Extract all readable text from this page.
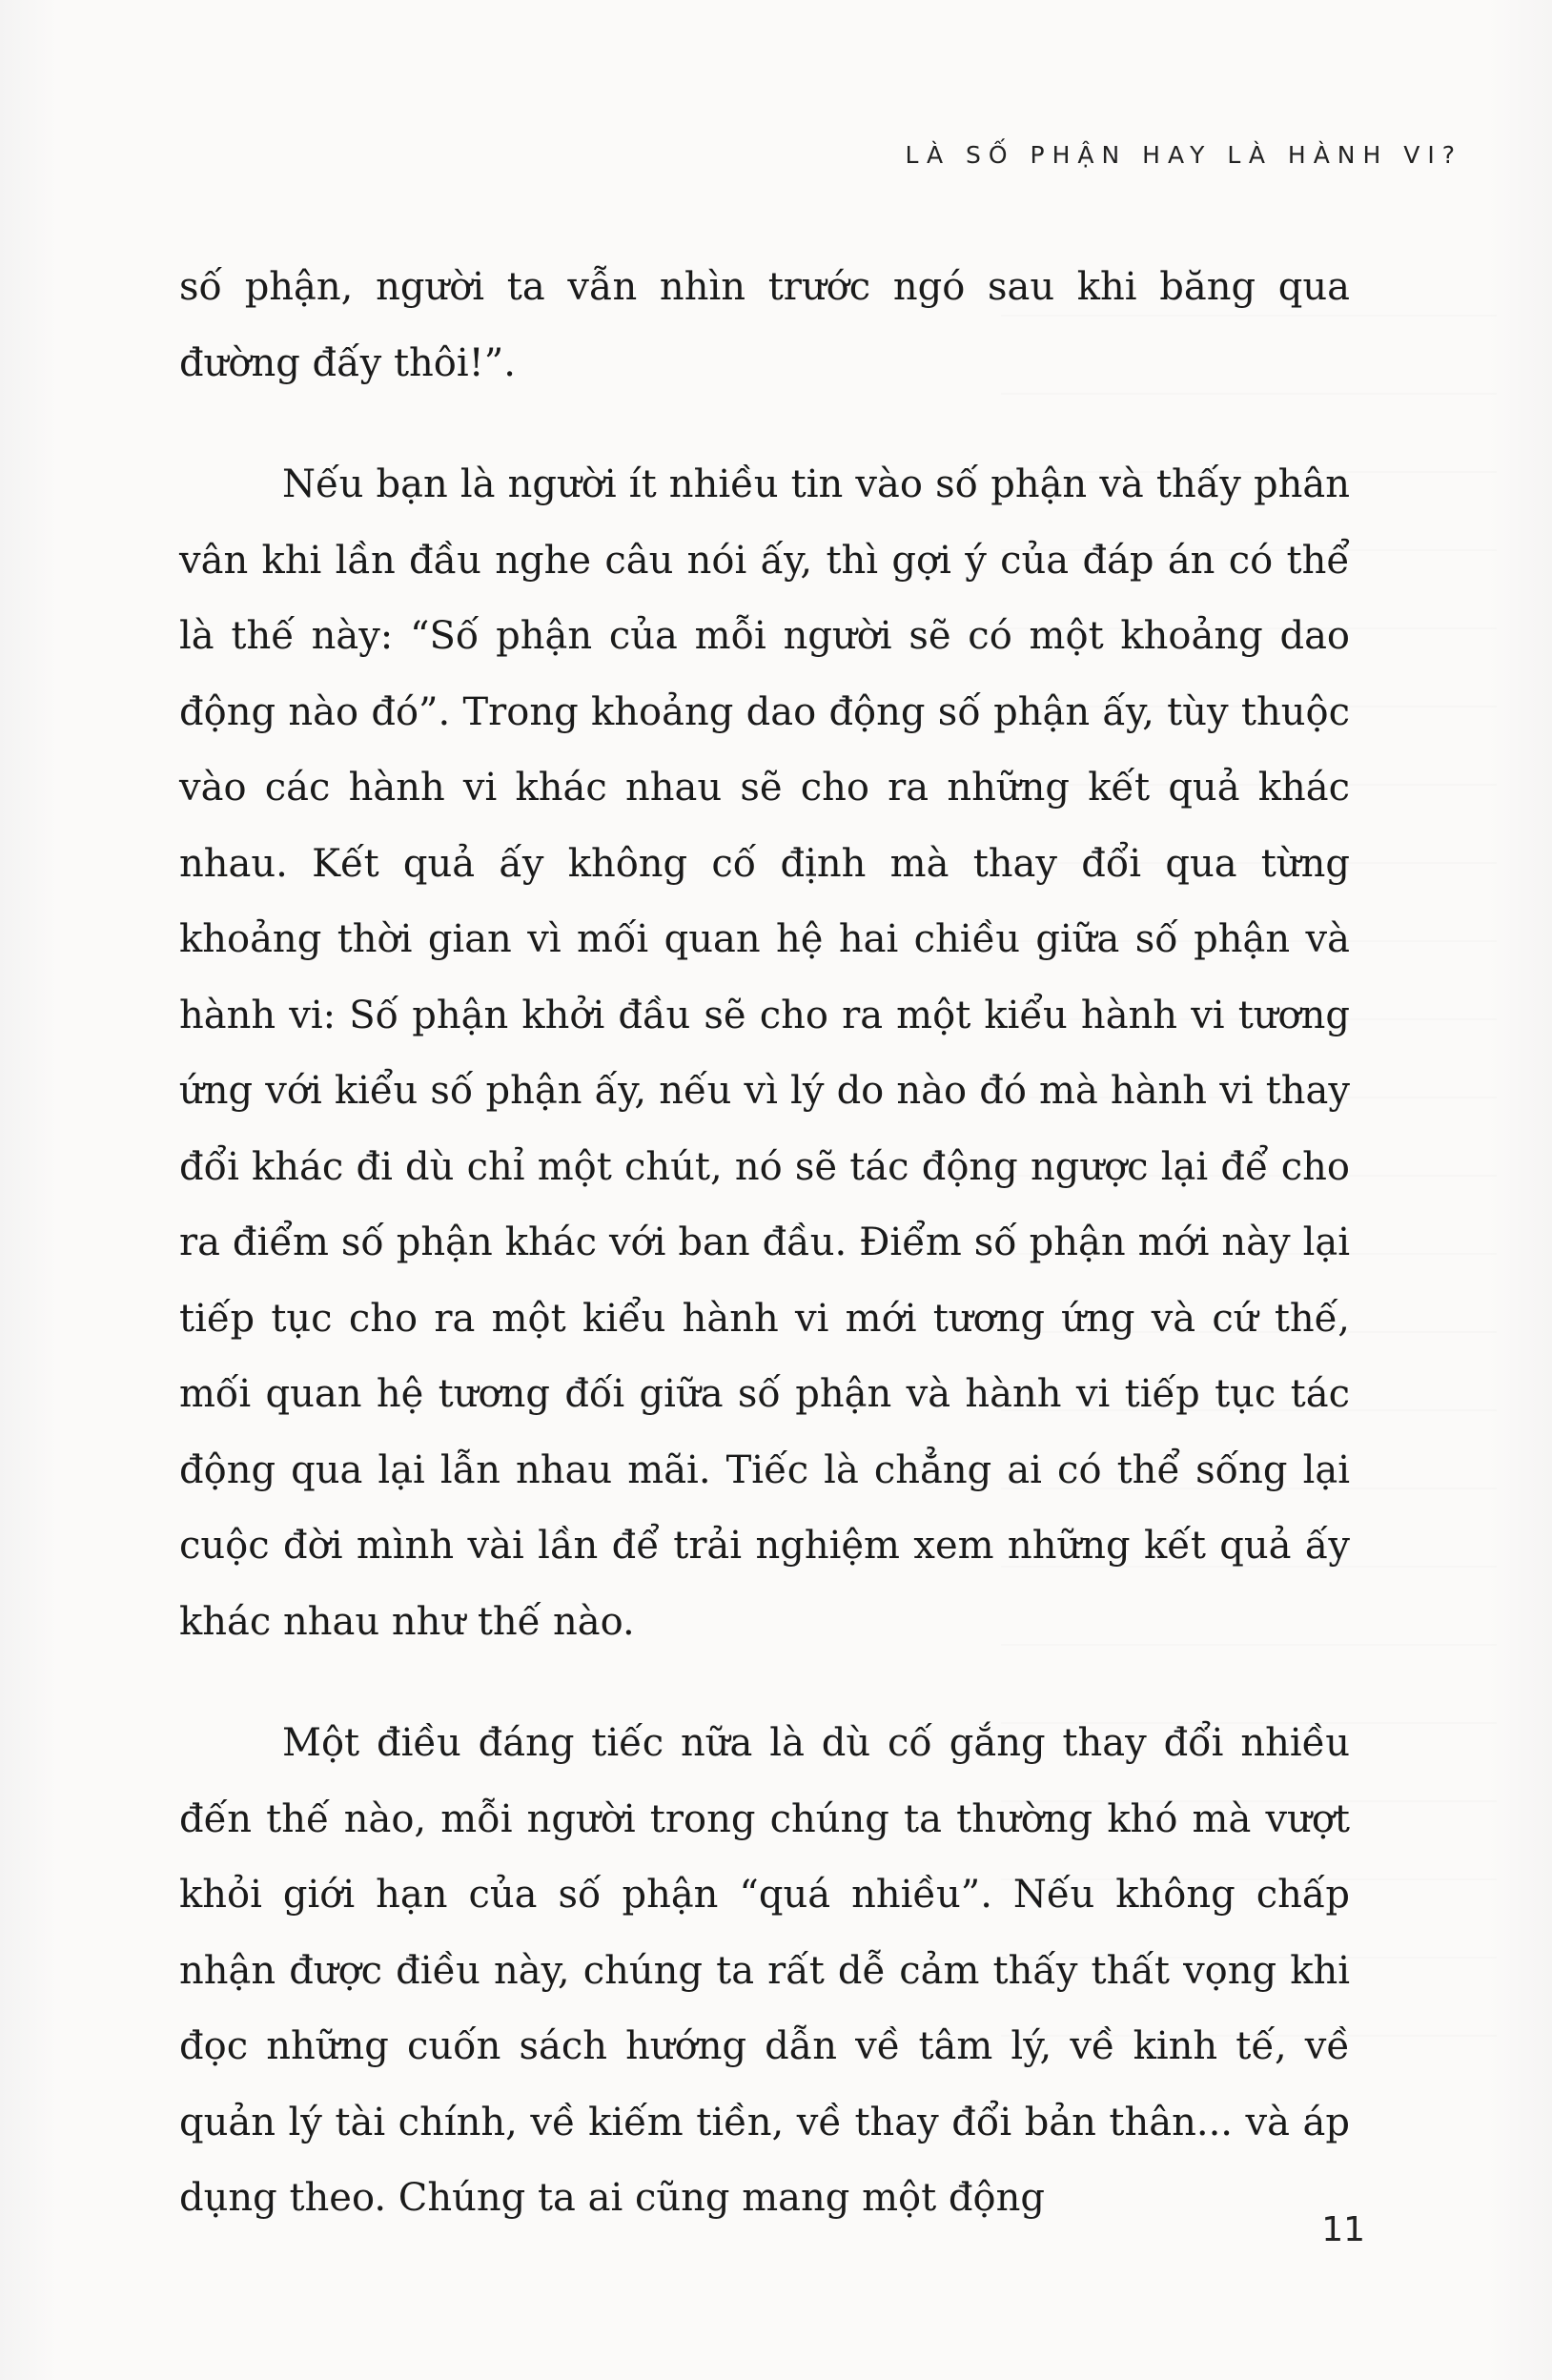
LÀ SỐ PHẬN HAY LÀ HÀNH VI?

số phận, người ta vẫn nhìn trước ngó sau khi băng qua đường đấy thôi!”.

Nếu bạn là người ít nhiều tin vào số phận và thấy phân vân khi lần đầu nghe câu nói ấy, thì gợi ý của đáp án có thể là thế này: “Số phận của mỗi người sẽ có một khoảng dao động nào đó”. Trong khoảng dao động số phận ấy, tùy thuộc vào các hành vi khác nhau sẽ cho ra những kết quả khác nhau. Kết quả ấy không cố định mà thay đổi qua từng khoảng thời gian vì mối quan hệ hai chiều giữa số phận và hành vi: Số phận khởi đầu sẽ cho ra một kiểu hành vi tương ứng với kiểu số phận ấy, nếu vì lý do nào đó mà hành vi thay đổi khác đi dù chỉ một chút, nó sẽ tác động ngược lại để cho ra điểm số phận khác với ban đầu. Điểm số phận mới này lại tiếp tục cho ra một kiểu hành vi mới tương ứng và cứ thế, mối quan hệ tương đối giữa số phận và hành vi tiếp tục tác động qua lại lẫn nhau mãi. Tiếc là chẳng ai có thể sống lại cuộc đời mình vài lần để trải nghiệm xem những kết quả ấy khác nhau như thế nào.

Một điều đáng tiếc nữa là dù cố gắng thay đổi nhiều đến thế nào, mỗi người trong chúng ta thường khó mà vượt khỏi giới hạn của số phận “quá nhiều”. Nếu không chấp nhận được điều này, chúng ta rất dễ cảm thấy thất vọng khi đọc những cuốn sách hướng dẫn về tâm lý, về kinh tế, về quản lý tài chính, về kiếm tiền, về thay đổi bản thân... và áp dụng theo. Chúng ta ai cũng mang một động

11
